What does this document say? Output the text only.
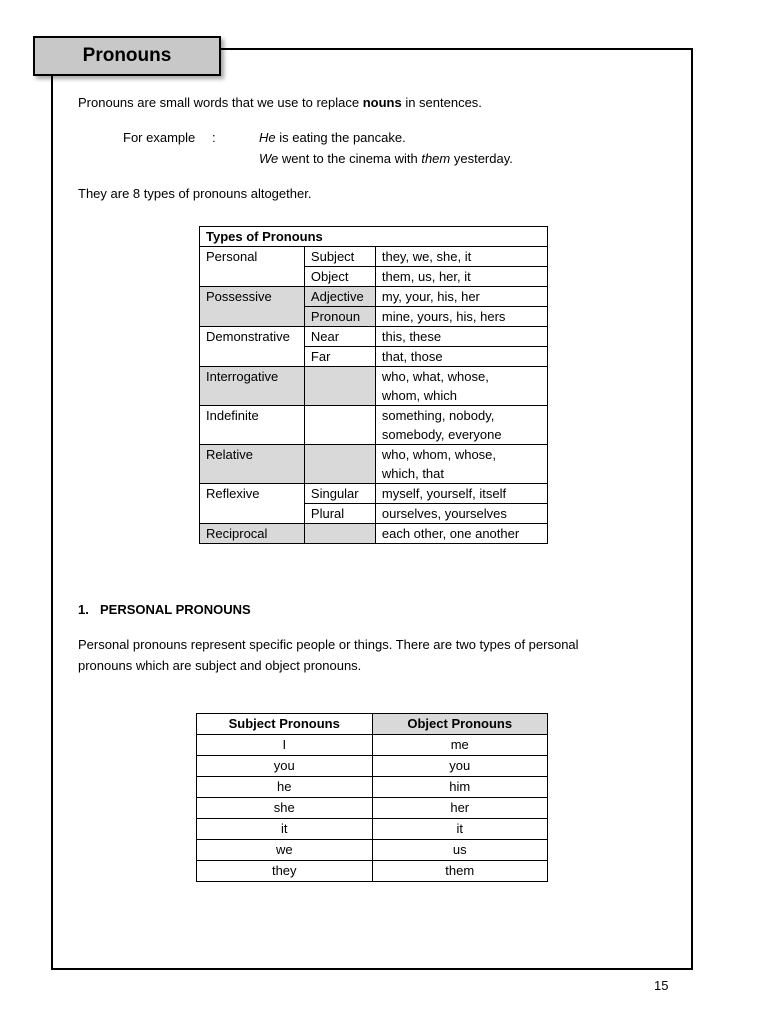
Pronouns
Pronouns are small words that we use to replace nouns in sentences.
For example :	He is eating the pancake.
We went to the cinema with them yesterday.
They are 8 types of pronouns altogether.
Types of Pronouns		
Personal	Subject	they, we, she, it
	Object	them, us, her, it
Possessive	Adjective	my, your, his, her
	Pronoun	mine, yours, his, hers
Demonstrative	Near	this, these
	Far	that, those
Interrogative		who, what, whose,
whom, which
Indefinite		something, nobody,
somebody, everyone
Relative		who, whom, whose,
which, that
Reflexive	Singular	myself, yourself, itself
	Plural	ourselves, yourselves
Reciprocal		each other, one another
1. PERSONAL PRONOUNS
Personal pronouns represent specific people or things. There are two types of personal
pronouns which are subject and object pronouns.
Subject Pronouns	Object Pronouns
I	me
you	you
he	him
she	her
it	it
we	us
they	them
15
